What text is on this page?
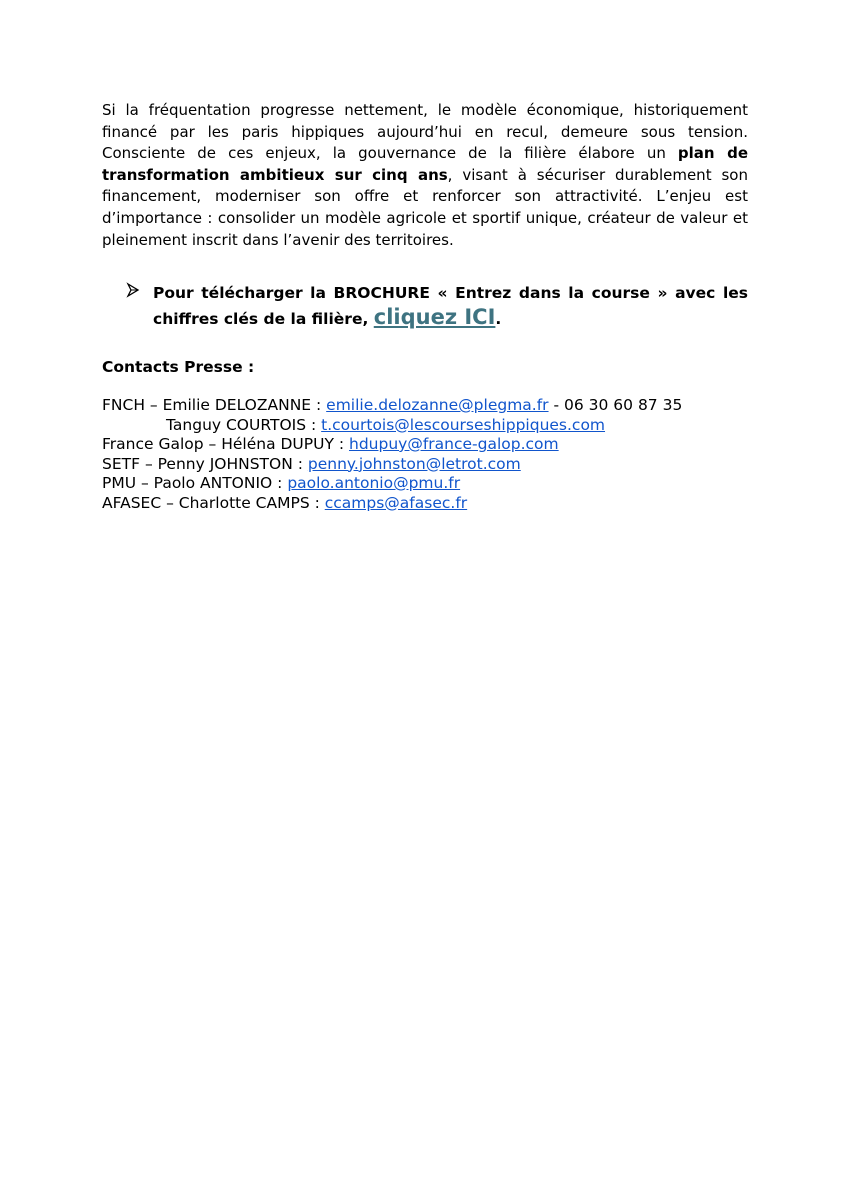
Si la fréquentation progresse nettement, le modèle économique, historiquement financé par les paris hippiques aujourd’hui en recul, demeure sous tension. Consciente de ces enjeux, la gouvernance de la filière élabore un plan de transformation ambitieux sur cinq ans, visant à sécuriser durablement son financement, moderniser son offre et renforcer son attractivité. L’enjeu est d’importance : consolider un modèle agricole et sportif unique, créateur de valeur et pleinement inscrit dans l’avenir des territoires.

Pour télécharger la BROCHURE « Entrez dans la course » avec les chiffres clés de la filière, cliquez ICI.

Contacts Presse :

FNCH – Emilie DELOZANNE : emilie.delozanne@plegma.fr - 06 30 60 87 35
Tanguy COURTOIS : t.courtois@lescourseshippiques.com
France Galop – Héléna DUPUY : hdupuy@france-galop.com
SETF – Penny JOHNSTON : penny.johnston@letrot.com
PMU – Paolo ANTONIO : paolo.antonio@pmu.fr
AFASEC – Charlotte CAMPS : ccamps@afasec.fr
